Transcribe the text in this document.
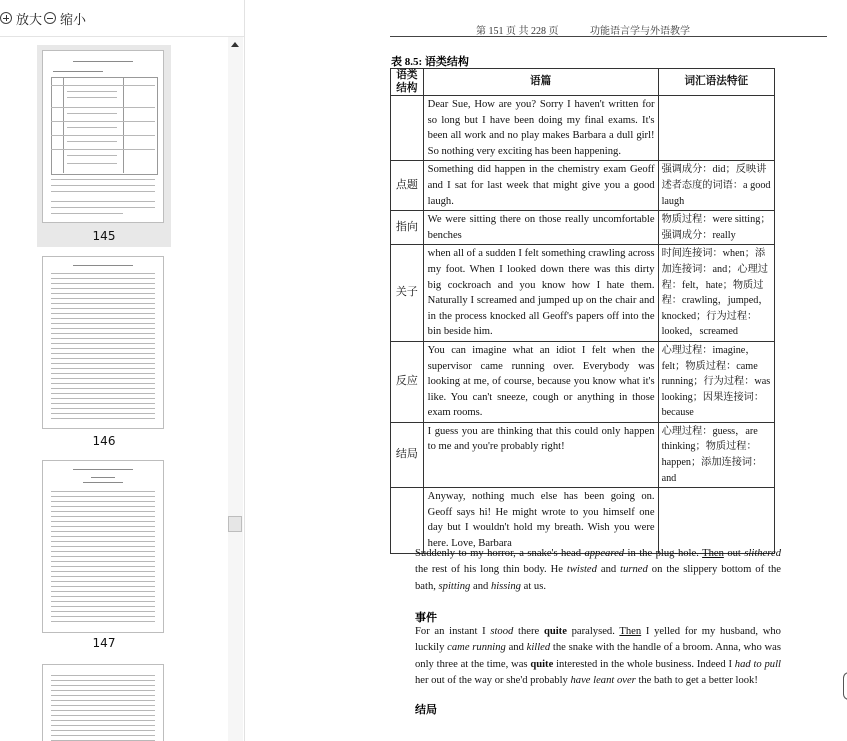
放大 缩小
145
146
147
第 151 页 共 228 页	功能语言学与外语教学
表 8.5: 语类结构
语类结构	语篇	词汇语法特征
	Dear Sue, How are you? Sorry I haven't written for so long but I have been doing my final exams. It's been all work and no play makes Barbara a dull girl! So nothing very exciting has been happening.	
点题	Something did happen in the chemistry exam Geoff and I sat for last week that might give you a good laugh.	强调成分：did；反映讲述者态度的词语：a good laugh
指向	We were sitting there on those really uncomfortable benches	物质过程：were sitting；强调成分：really
关子	when all of a sudden I felt something crawling across my foot. When I looked down there was this dirty big cockroach and you know how I hate them. Naturally I screamed and jumped up on the chair and in the process knocked all Geoff's papers off into the bin beside him.	时间连接词：when；添加连接词：and；心理过程：felt，hate；物质过程：crawling，jumped，knocked；行为过程：looked，screamed
反应	You can imagine what an idiot I felt when the supervisor came running over. Everybody was looking at me, of course, because you know what it's like. You can't sneeze, cough or anything in those exam rooms.	心理过程：imagine，felt；物质过程：came running；行为过程：was looking；因果连接词：because
结局	I guess you are thinking that this could only happen to me and you're probably right!	心理过程：guess，are thinking；物质过程：happen；添加连接词：and
	Anyway, nothing much else has been going on. Geoff says hi! He might wrote to you himself one day but I wouldn't hold my breath. Wish you were here. Love, Barbara	
Suddenly to my horror, a snake's head appeared in the plug-hole. Then out slithered the rest of his long thin body. He twisted and turned on the slippery bottom of the bath, spitting and hissing at us.
事件
For an instant I stood there quite paralysed. Then I yelled for my husband, who luckily came running and killed the snake with the handle of a broom. Anna, who was only three at the time, was quite interested in the whole business. Indeed I had to pull her out of the way or she'd probably have leant over the bath to get a better look!
结局
